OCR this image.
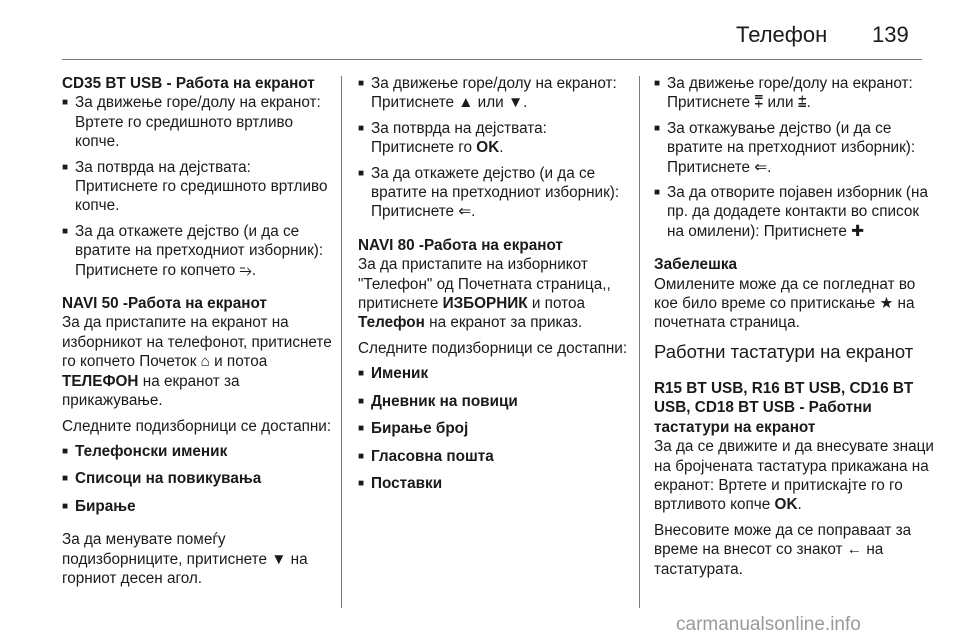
Телефон 139

CD35 BT USB - Работа на екранот

■ За движење горе/долу на екранот: Вртете го средишното вртливо копче.
■ За потврда на дејствата: Притиснете го средишното вртливо копче.
■ За да откажете дејство (и да се вратите на претходниот изборник): Притиснете го копчето ⥱.

NAVI 50 -Работа на екранот

За да пристапите на екранот на изборникот на телефонот, притиснете го копчето Почеток ⌂ и потоа ТЕЛЕФОН на екранот за прикажување.

Следните подизборници се достапни:

■ Телефонски именик
■ Списоци на повикувања
■ Бирање

За да менувате помеѓу подизборниците, притиснете ▼ на горниот десен агол.

■ За движење горе/долу на екранот: Притиснете ▲ или ▼.
■ За потврда на дејствата: Притиснете го OK.
■ За да откажете дејство (и да се вратите на претходниот изборник): Притиснете ⇐.

NAVI 80 -Работа на екранот

За да пристапите на изборникот "Телефон" од Почетната страница,, притиснете ИЗБОРНИК и потоа Телефон на екранот за приказ.

Следните подизборници се достапни:

■ Именик
■ Дневник на повици
■ Бирање број
■ Гласовна пошта
■ Поставки
■ За движење горе/долу на екранот: Притиснете ⩱ или ⩲.
■ За откажување дејство (и да се вратите на претходниот изборник): Притиснете ⇐.
■ За да отворите појавен изборник (на пр. да додадете контакти во список на омилени): Притиснете ✚

Забелешка

Омилените може да се погледнат во кое било време со притискање ★ на почетната страница.

Работни тастатури на екранот

R15 BT USB, R16 BT USB, CD16 BT USB, CD18 BT USB - Работни тастатури на екранот

За да се движите и да внесувате знаци на бројчената тастатура прикажана на екранот: Вртете и притискајте го го вртливото копче OK.

Внесовите може да се поправаат за време на внесот со знакот ← на тастатурата.

carmanualsonline.info
